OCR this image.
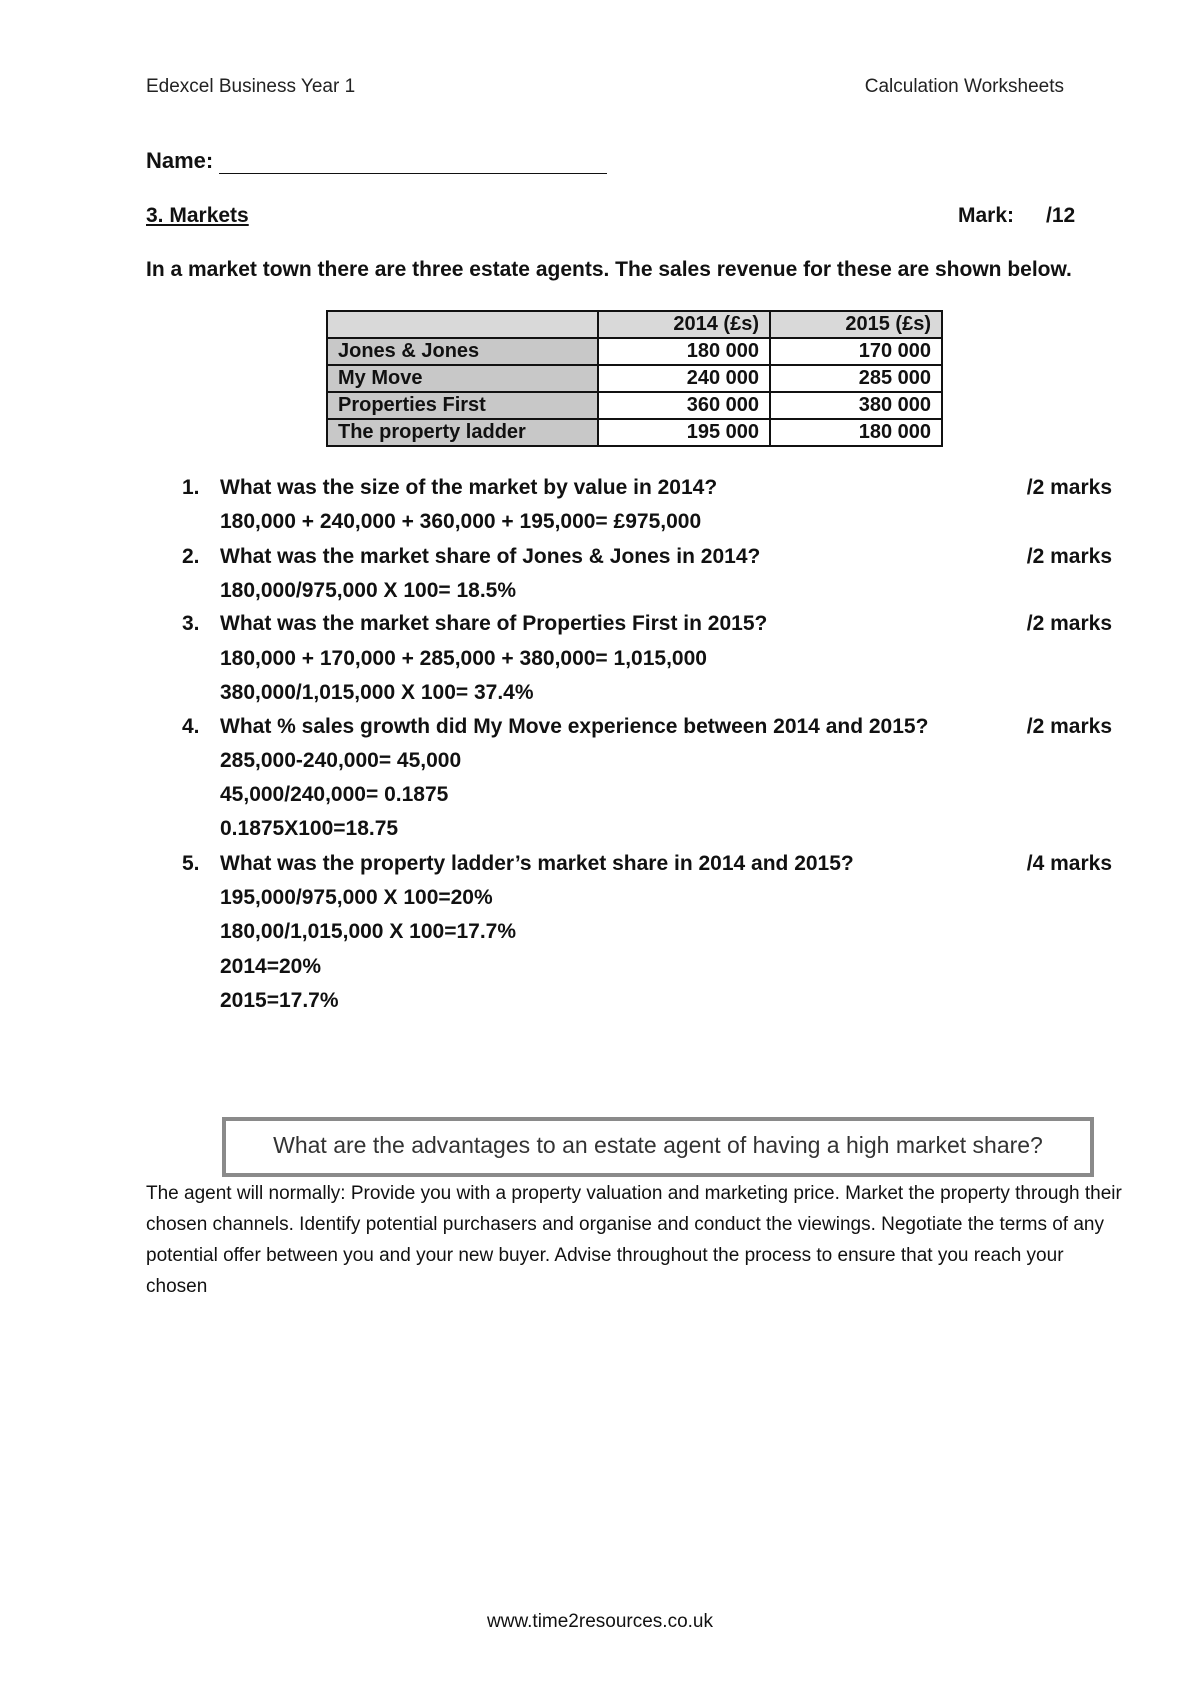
Edexcel Business Year 1	Calculation Worksheets
Name:
3. Markets	Mark: /12
In a market town there are three estate agents. The sales revenue for these are shown below.
	2014 (£s)	2015 (£s)
Jones & Jones	180 000	170 000
My Move	240 000	285 000
Properties First	360 000	380 000
The property ladder	195 000	180 000
1. What was the size of the market by value in 2014?	/2 marks
180,000 + 240,000 + 360,000 + 195,000= £975,000
2. What was the market share of Jones & Jones in 2014?	/2 marks
180,000/975,000 X 100= 18.5%
3. What was the market share of Properties First in 2015?	/2 marks
180,000 + 170,000 + 285,000 + 380,000= 1,015,000
380,000/1,015,000 X 100= 37.4%
4. What % sales growth did My Move experience between 2014 and 2015?	/2 marks
285,000-240,000= 45,000
45,000/240,000= 0.1875
0.1875X100=18.75
5. What was the property ladder’s market share in 2014 and 2015?	/4 marks
195,000/975,000 X 100=20%
180,00/1,015,000 X 100=17.7%
2014=20%
2015=17.7%
What are the advantages to an estate agent of having a high market share?
The agent will normally: Provide you with a property valuation and marketing price. Market the property through their chosen channels. Identify potential purchasers and organise and conduct the viewings. Negotiate the terms of any potential offer between you and your new buyer. Advise throughout the process to ensure that you reach your chosen
www.time2resources.co.uk
